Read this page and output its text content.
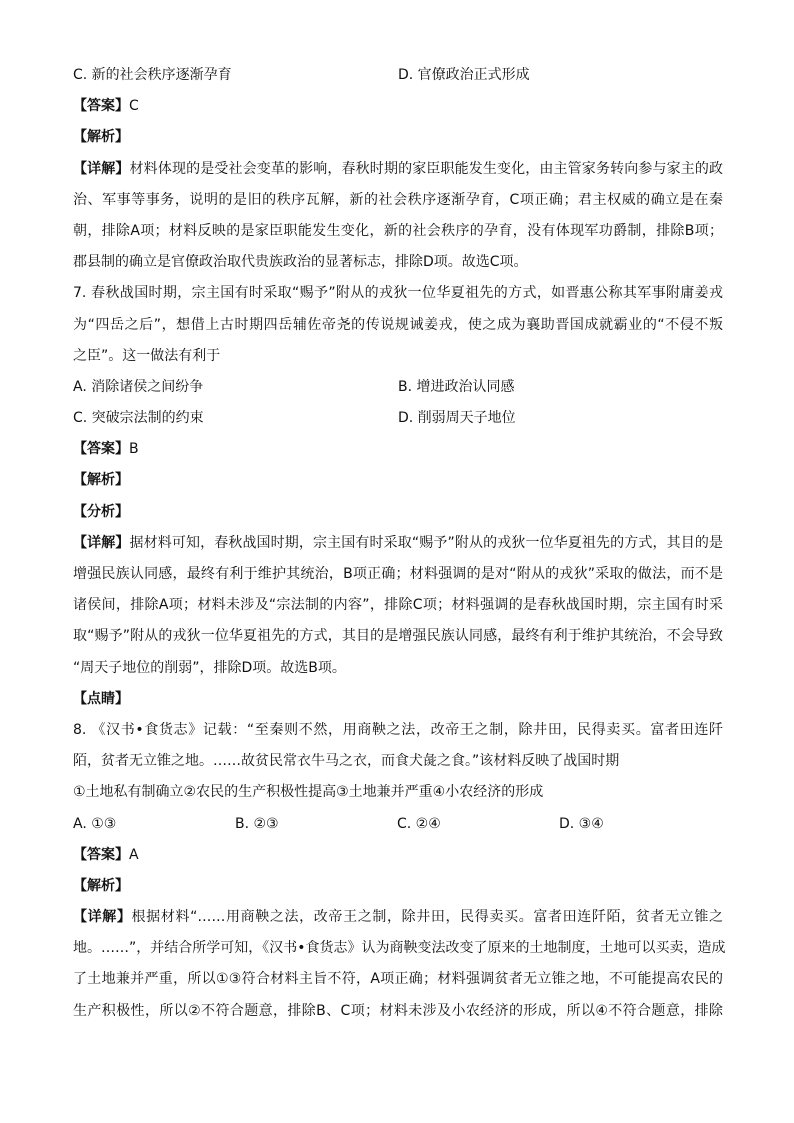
C. 新的社会秩序逐渐孕育	D. 官僚政治正式形成
【答案】C
【解析】
【详解】材料体现的是受社会变革的影响，春秋时期的家臣职能发生变化，由主管家务转向参与家主的政
治、军事等事务，说明的是旧的秩序瓦解，新的社会秩序逐渐孕育，C项正确；君主权威的确立是在秦
朝，排除A项；材料反映的是家臣职能发生变化，新的社会秩序的孕育，没有体现军功爵制，排除B项；
郡县制的确立是官僚政治取代贵族政治的显著标志，排除D项。故选C项。
7. 春秋战国时期，宗主国有时采取“赐予”附从的戎狄一位华夏祖先的方式，如晋惠公称其军事附庸姜戎
为“四岳之后”，想借上古时期四岳辅佐帝尧的传说规诫姜戎，使之成为襄助晋国成就霸业的“不侵不叛
之臣”。这一做法有利于
A. 消除诸侯之间纷争	B. 增进政治认同感
C. 突破宗法制的约束	D. 削弱周天子地位
【答案】B
【解析】
【分析】
【详解】据材料可知，春秋战国时期，宗主国有时采取“赐予”附从的戎狄一位华夏祖先的方式，其目的是
增强民族认同感，最终有利于维护其统治，B项正确；材料强调的是对“附从的戎狄”采取的做法，而不是
诸侯间，排除A项；材料未涉及“宗法制的内容”，排除C项；材料强调的是春秋战国时期，宗主国有时采
取“赐予”附从的戎狄一位华夏祖先的方式，其目的是增强民族认同感，最终有利于维护其统治，不会导致
“周天子地位的削弱”，排除D项。故选B项。
【点睛】
8. 《汉书•食货志》记载：“至秦则不然，用商鞅之法，改帝王之制，除井田，民得卖买。富者田连阡
陌，贫者无立锥之地。……故贫民常衣牛马之衣，而食犬彘之食。”该材料反映了战国时期
①土地私有制确立②农民的生产积极性提高③土地兼并严重④小农经济的形成
A. ①③	B. ②③	C. ②④	D. ③④
【答案】A
【解析】
【详解】根据材料“……用商鞅之法，改帝王之制，除井田，民得卖买。富者田连阡陌，贫者无立锥之
地。……”，并结合所学可知，《汉书•食货志》认为商鞅变法改变了原来的土地制度，土地可以买卖，造成
了土地兼并严重，所以①③符合材料主旨不符，A项正确；材料强调贫者无立锥之地，不可能提高农民的
生产积极性，所以②不符合题意，排除B、C项；材料未涉及小农经济的形成，所以④不符合题意，排除
